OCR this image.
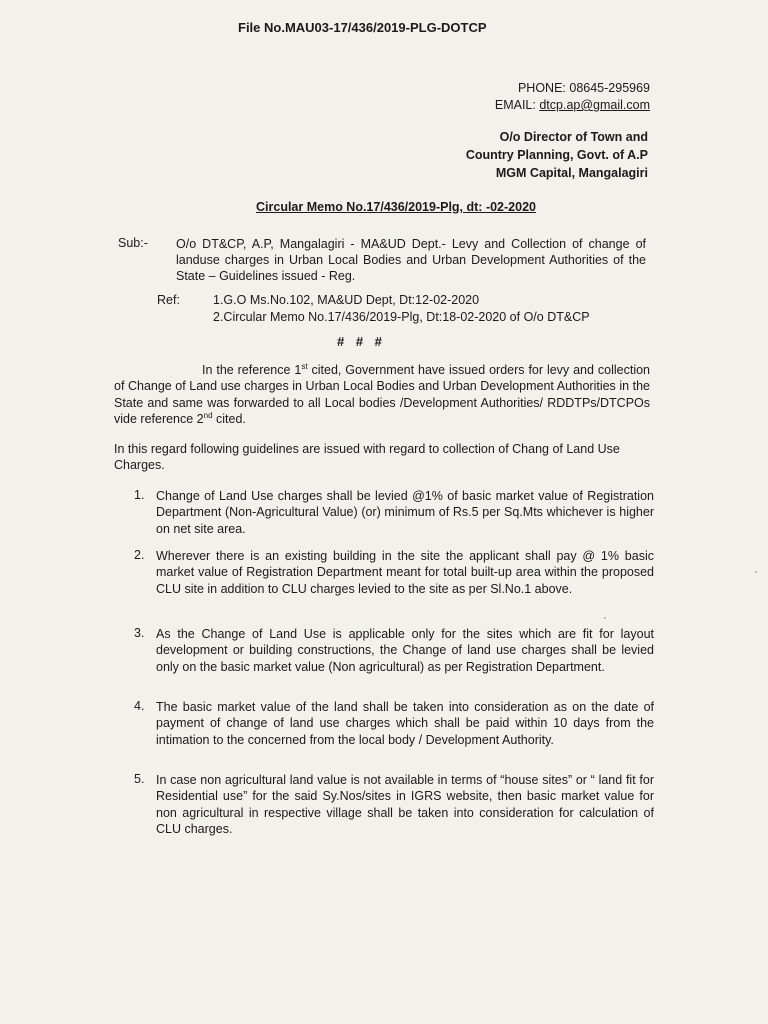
File No.MAU03-17/436/2019-PLG-DOTCP
PHONE: 08645-295969
EMAIL: dtcp.ap@gmail.com
O/o Director of Town and
Country Planning, Govt. of A.P
MGM Capital, Mangalagiri
Circular Memo No.17/436/2019-Plg, dt: -02-2020
Sub:- O/o DT&CP, A.P, Mangalagiri - MA&UD Dept.- Levy and Collection of change of landuse charges in Urban Local Bodies and Urban Development Authorities of the State – Guidelines issued - Reg.
Ref:	1.G.O Ms.No.102, MA&UD Dept, Dt:12-02-2020
2.Circular Memo No.17/436/2019-Plg, Dt:18-02-2020 of O/o DT&CP
# # #
In the reference 1st cited, Government have issued orders for levy and collection of Change of Land use charges in Urban Local Bodies and Urban Development Authorities in the State and same was forwarded to all Local bodies /Development Authorities/ RDDTPs/DTCPOs vide reference 2nd cited.
In this regard following guidelines are issued with regard to collection of Chang of Land Use Charges.
1. Change of Land Use charges shall be levied @1% of basic market value of Registration Department (Non-Agricultural Value) (or) minimum of Rs.5 per Sq.Mts whichever is higher on net site area.
2. Wherever there is an existing building in the site the applicant shall pay @ 1% basic market value of Registration Department meant for total built-up area within the proposed CLU site in addition to CLU charges levied to the site as per Sl.No.1 above.
3. As the Change of Land Use is applicable only for the sites which are fit for layout development or building constructions, the Change of land use charges shall be levied only on the basic market value (Non agricultural) as per Registration Department.
4. The basic market value of the land shall be taken into consideration as on the date of payment of change of land use charges which shall be paid within 10 days from the intimation to the concerned from the local body / Development Authority.
5. In case non agricultural land value is not available in terms of “house sites” or “ land fit for Residential use” for the said Sy.Nos/sites in IGRS website, then basic market value for non agricultural in respective village shall be taken into consideration for calculation of CLU charges.
·
·
